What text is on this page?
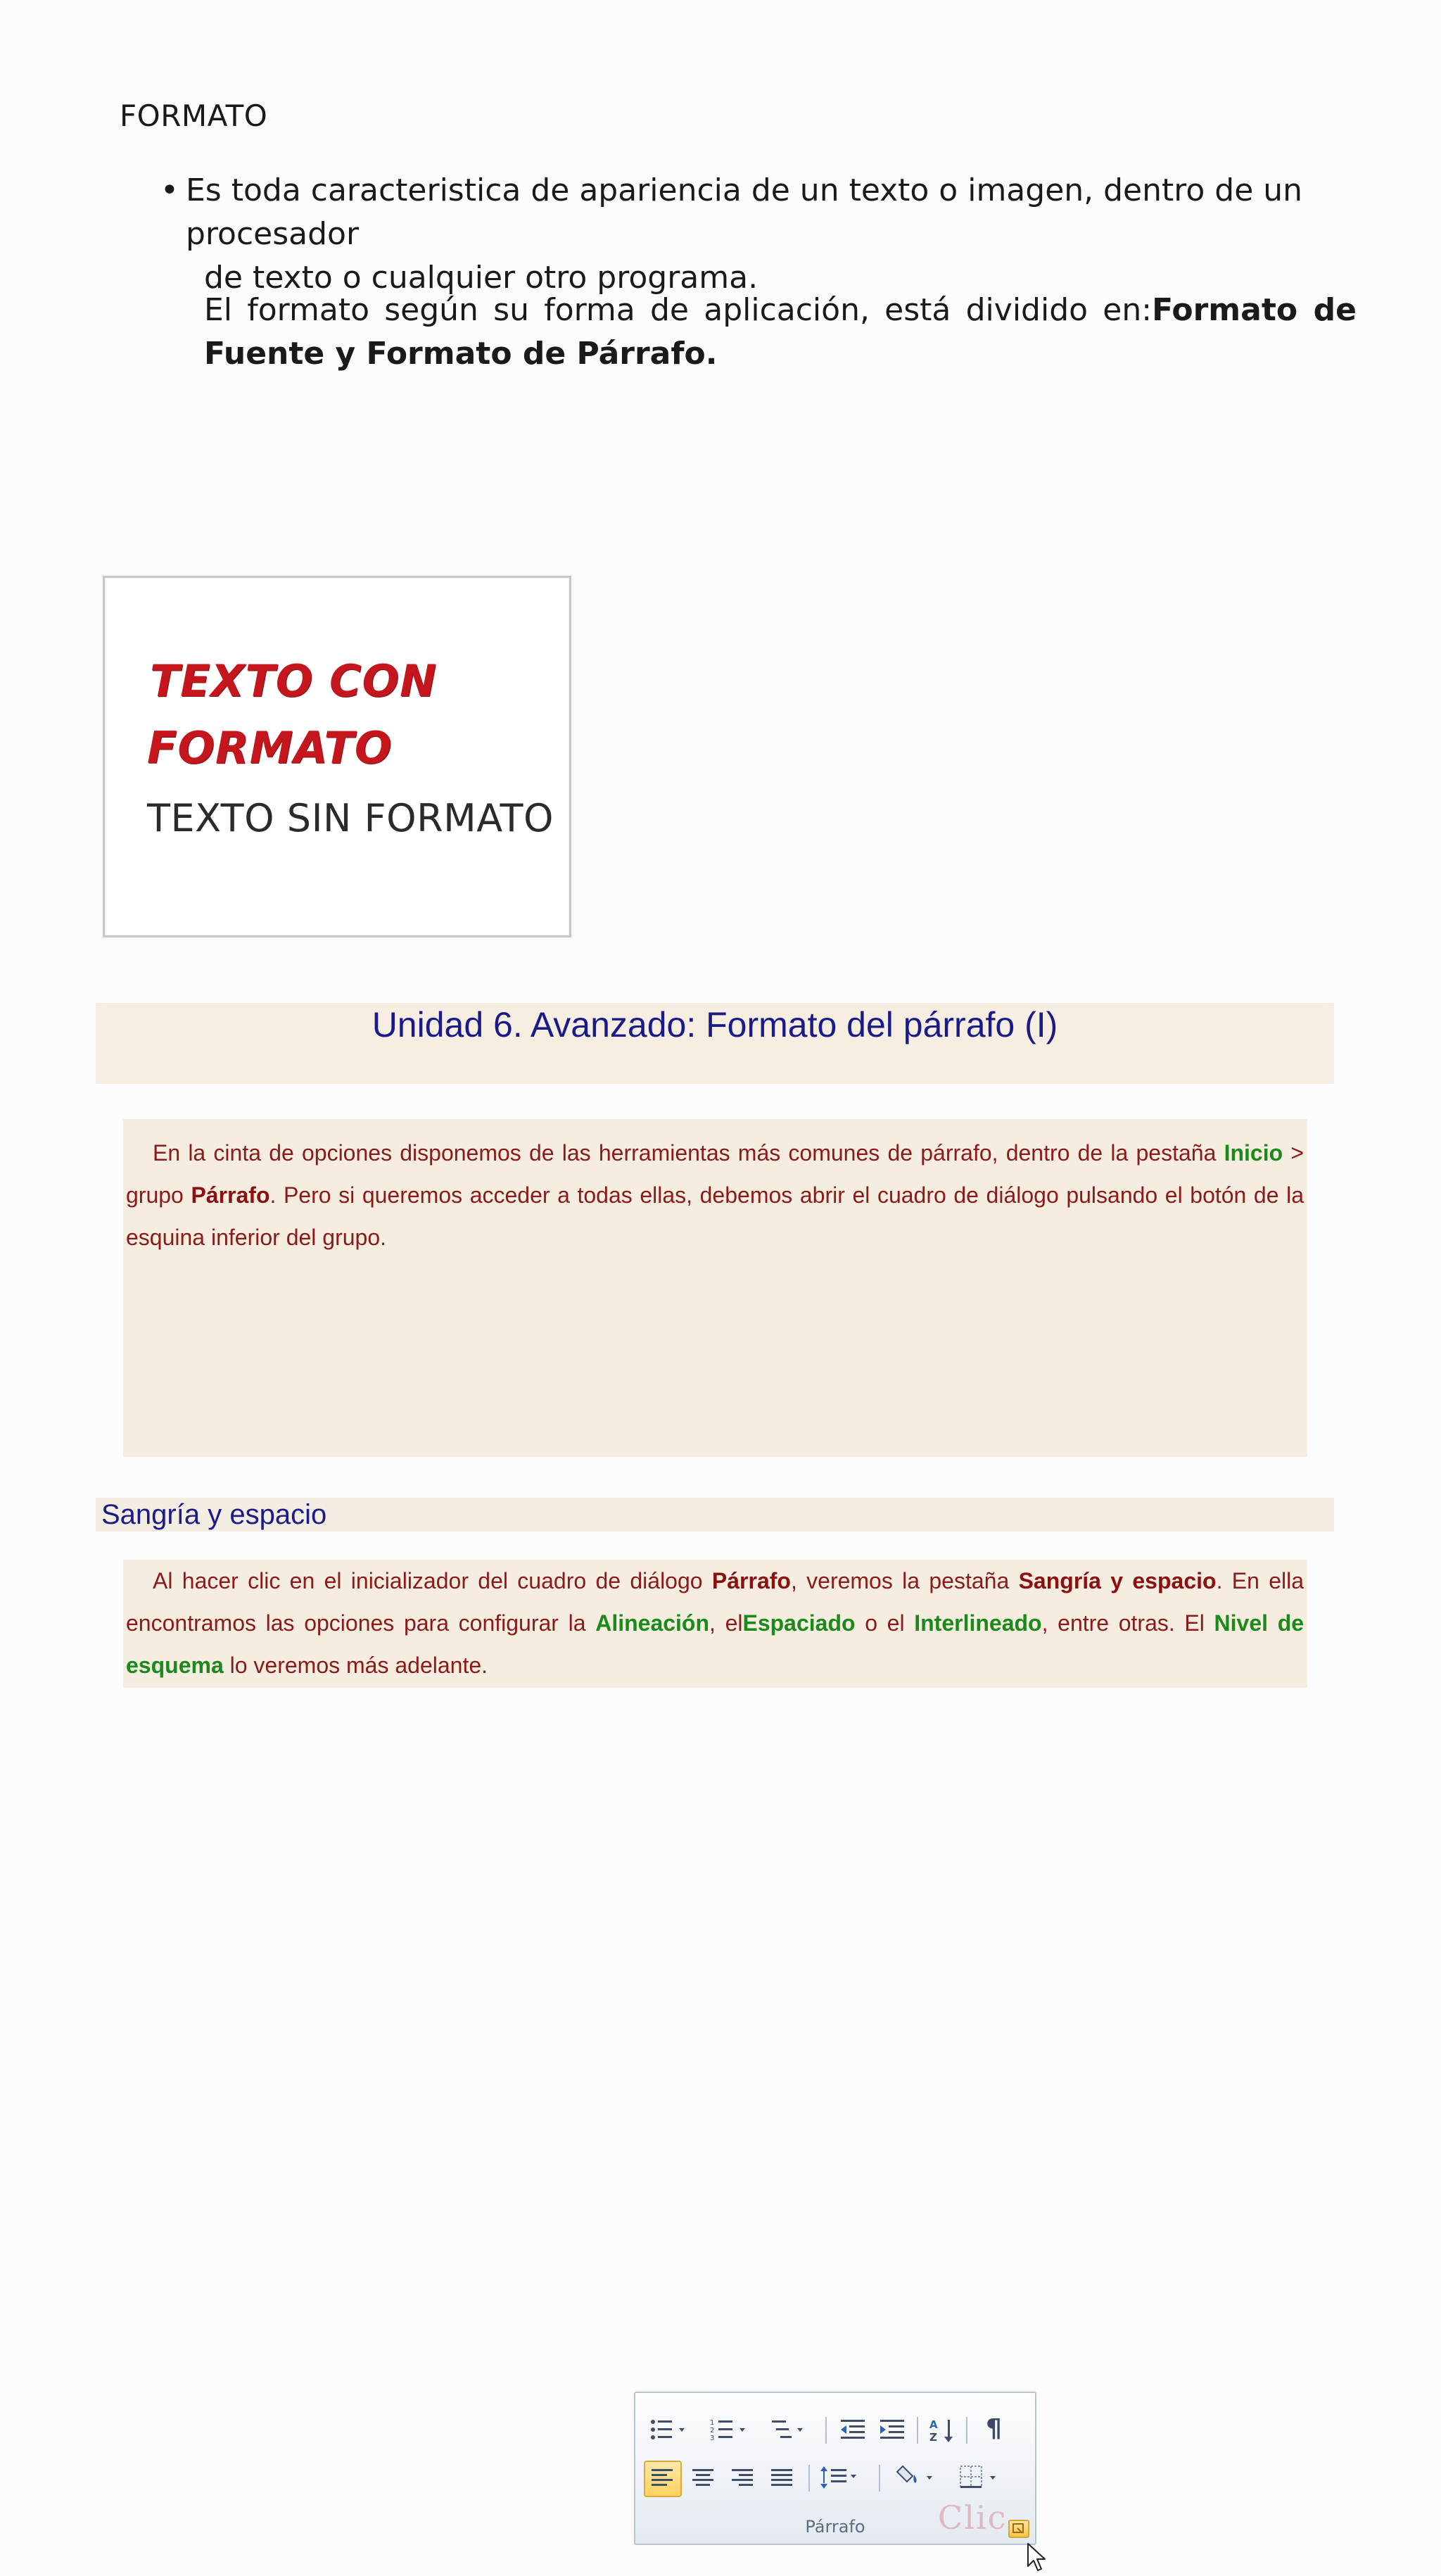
FORMATO
• Es toda caracteristica de apariencia de un texto o imagen, dentro de un procesador
de texto o cualquier otro programa.
El formato según su forma de aplicación, está dividido en:Formato de Fuente y Formato de Párrafo.
TEXTO CON
FORMATO
TEXTO SIN FORMATO
Unidad 6. Avanzado: Formato del párrafo (I)
En la cinta de opciones disponemos de las herramientas más comunes de párrafo, dentro de la pestaña Inicio > grupo Párrafo. Pero si queremos acceder a todas ellas, debemos abrir el cuadro de diálogo pulsando el botón de la esquina inferior del grupo.
1
2
3
A
Z ¶
Clic
Párrafo
Sangría y espacio
Al hacer clic en el inicializador del cuadro de diálogo Párrafo, veremos la pestaña Sangría y espacio. En ella encontramos las opciones para configurar la Alineación, elEspaciado o el Interlineado, entre otras. El Nivel de esquema lo veremos más adelante.
